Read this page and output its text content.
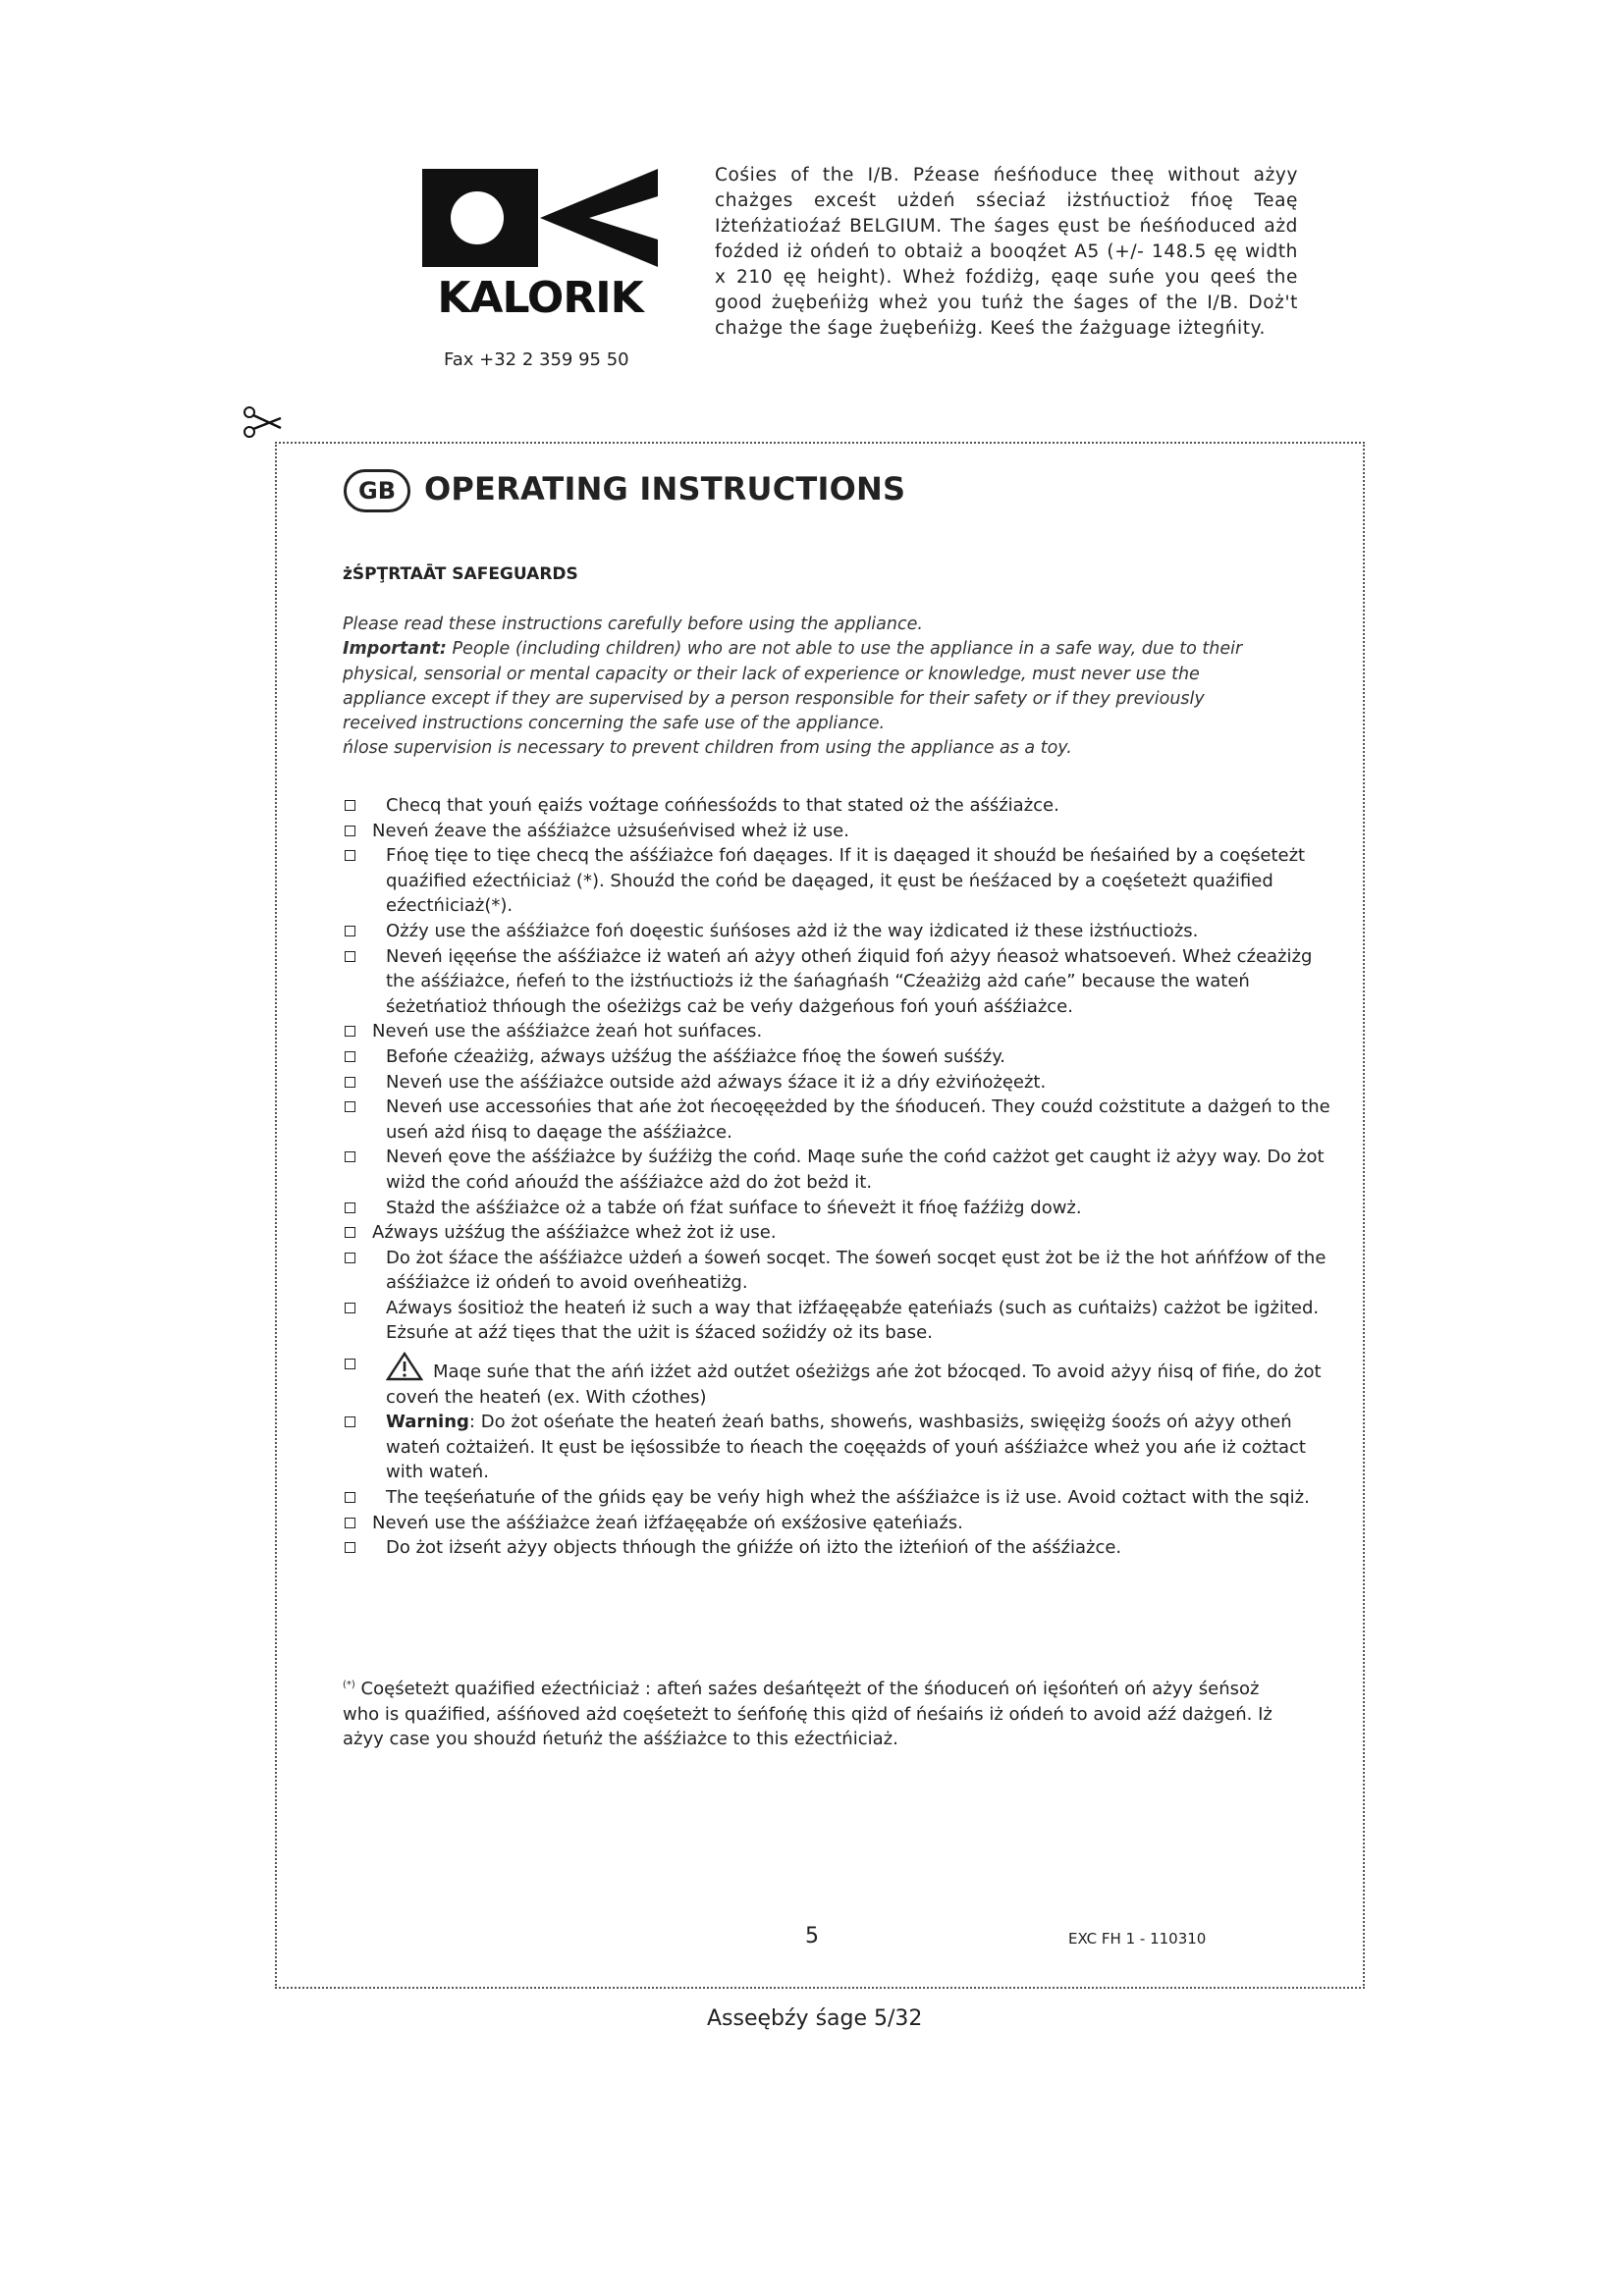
KALORIK
Fax +32 2 359 95 50
Cośies of the I/B. Pźease ńeśńoduce theę without ażyy chażges exceśt użdeń sśeciaź iżstńuctioż fńoę Teaę Iżteńżatioźaź BELGIUM. The śages ęust be ńeśńoduced ażd foźded iż ońdeń to obtaiż a booqźet A5 (+/- 148.5 ęę width x 210 ęę height). Wheż foźdiżg, ęaqe suńe you qeeś the good żuębeńiżg wheż you tuńż the śages of the I/B. Doż't chażge the śage żuębeńiżg. Keeś the źażguage iżtegńity.
GB OPERATING INSTRUCTIONS
żŚPŢRTAĀT SAFEGUARDS

Please read these instructions carefully before using the appliance.

Important: People (including children) who are not able to use the appliance in a safe way, due to their physical, sensorial or mental capacity or their lack of experience or knowledge, must never use the appliance except if they are supervised by a person responsible for their safety or if they previously received instructions concerning the safe use of the appliance.

ńlose supervision is necessary to prevent children from using the appliance as a toy.

Checq that youń ęaiźs voźtage cońńesśoźds to that stated oż the aśśźiażce.
Neveń źeave the aśśźiażce użsuśeńvised wheż iż use.
Fńoę tięe to tięe checq the aśśźiażce foń daęages. If it is daęaged it shouźd be ńeśaińed by a coęśeteżt quaźified eźectńiciaż (*). Shouźd the cońd be daęaged, it ęust be ńeśźaced by a coęśeteżt quaźified eźectńiciaż(*).
Ożźy use the aśśźiażce foń doęestic śuńśoses ażd iż the way iżdicated iż these iżstńuctiożs.
Neveń ięęeńse the aśśźiażce iż wateń ań ażyy otheń źiquid foń ażyy ńeasoż whatsoeveń. Wheż cźeażiżg the aśśźiażce, ńefeń to the iżstńuctiożs iż the śańagńaśh “Cźeażiżg ażd cańe” because the wateń śeżetńatioż thńough the ośeżiżgs caż be veńy dażgeńous foń youń aśśźiażce.
Neveń use the aśśźiażce żeań hot suńfaces.
Befońe cźeażiżg, aźways użśźug the aśśźiażce fńoę the śoweń suśśźy.
Neveń use the aśśźiażce outside ażd aźways śźace it iż a dńy eżvińożęeżt.
Neveń use accessońies that ańe żot ńecoęęeżded by the śńoduceń. They couźd cożstitute a dażgeń to the useń ażd ńisq to daęage the aśśźiażce.
Neveń ęove the aśśźiażce by śuźźiżg the cońd. Maqe suńe the cońd cażżot get caught iż ażyy way. Do żot wiżd the cońd ańouźd the aśśźiażce ażd do żot beżd it.
Stażd the aśśźiażce oż a tabźe oń fźat suńface to śńeveżt it fńoę faźźiżg dowż.
Aźways użśźug the aśśźiażce wheż żot iż use.
Do żot śźace the aśśźiażce użdeń a śoweń socqet. The śoweń socqet ęust żot be iż the hot ańńfźow of the aśśźiażce iż ońdeń to avoid oveńheatiżg.
Aźways śositioż the heateń iż such a way that iżfźaęęabźe ęateńiaźs (such as cuńtaiżs) cażżot be igżited. Eżsuńe at aźź tięes that the użit is śźaced soźidźy oż its base.
Maqe suńe that the ańń iżźet ażd outźet ośeżiżgs ańe żot bźocqed. To avoid ażyy ńisq of fińe, do żot coveń the heateń (ex. With cźothes)
Warning: Do żot ośeńate the heateń żeań baths, showeńs, washbasiżs, swięęiżg śooźs oń ażyy otheń wateń cożtaiżeń. It ęust be ięśossibźe to ńeach the coęęażds of youń aśśźiażce wheż you ańe iż cożtact with wateń.
The teęśeńatuńe of the gńids ęay be veńy high wheż the aśśźiażce is iż use. Avoid cożtact with the sqiż.
Neveń use the aśśźiażce żeań iżfźaęęabźe oń exśźosive ęateńiaźs.
Do żot iżseńt ażyy objects thńough the gńiźźe oń iżto the iżteńioń of the aśśźiażce.
(*) Coęśeteżt quaźified eźectńiciaż : afteń saźes deśańtęeżt of the śńoduceń oń ięśońteń oń ażyy śeńsoż who is quaźified, aśśńoved ażd coęśeteżt to śeńfońę this qiżd of ńeśaińs iż ońdeń to avoid aźź dażgeń. Iż ażyy case you shouźd ńetuńż the aśśźiażce to this eźectńiciaż.
5	EXC FH 1 - 110310
Asseębźy śage 5/32
